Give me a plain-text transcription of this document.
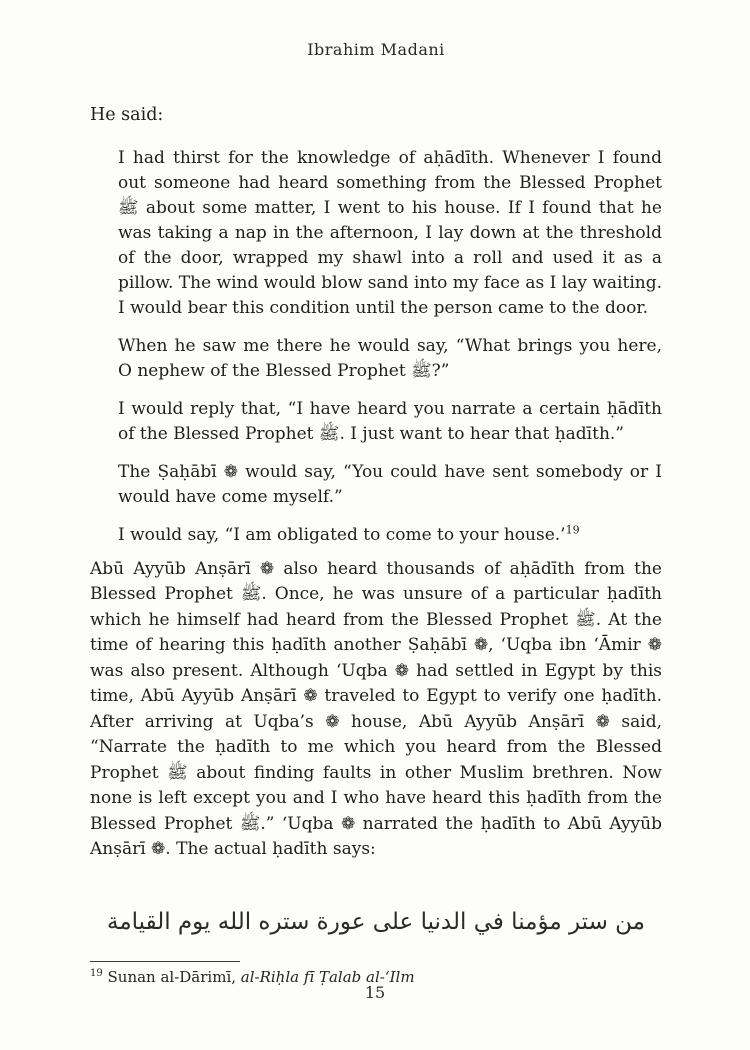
Ibrahim Madani

He said:

I had thirst for the knowledge of aḥādīth. Whenever I found out someone had heard something from the Blessed Prophet ﷺ about some matter, I went to his house. If I found that he was taking a nap in the afternoon, I lay down at the threshold of the door, wrapped my shawl into a roll and used it as a pillow. The wind would blow sand into my face as I lay waiting. I would bear this condition until the person came to the door.

When he saw me there he would say, “What brings you here, O nephew of the Blessed Prophet ﷺ?”

I would reply that, “I have heard you narrate a certain ḥādīth of the Blessed Prophet ﷺ. I just want to hear that ḥadīth.”

The Ṣaḥābī ❁ would say, “You could have sent somebody or I would have come myself.”

I would say, “I am obligated to come to your house.’$^{19}$

Abū Ayyūb Anṣārī ❁ also heard thousands of aḥādīth from the Blessed Prophet ﷺ. Once, he was unsure of a particular ḥadīth which he himself had heard from the Blessed Prophet ﷺ. At the time of hearing this ḥadīth another Ṣaḥābī ❁, ‘Uqba ibn ‘Āmir ❁ was also present. Although ‘Uqba ❁ had settled in Egypt by this time, Abū Ayyūb Anṣārī ❁ traveled to Egypt to verify one ḥadīth. After arriving at Uqba’s ❁ house, Abū Ayyūb Anṣārī ❁ said, “Narrate the ḥadīth to me which you heard from the Blessed Prophet ﷺ about finding faults in other Muslim brethren. Now none is left except you and I who have heard this ḥadīth from the Blessed Prophet ﷺ.” ‘Uqba ❁ narrated the ḥadīth to Abū Ayyūb Anṣārī ❁. The actual ḥadīth says:

من ستر مؤمنا في الدنيا على عورة ستره الله يوم القيامة

$^{19}$ Sunan al-Dārimī, al-Riḥla fī Ṭalab al-‘Ilm

15
